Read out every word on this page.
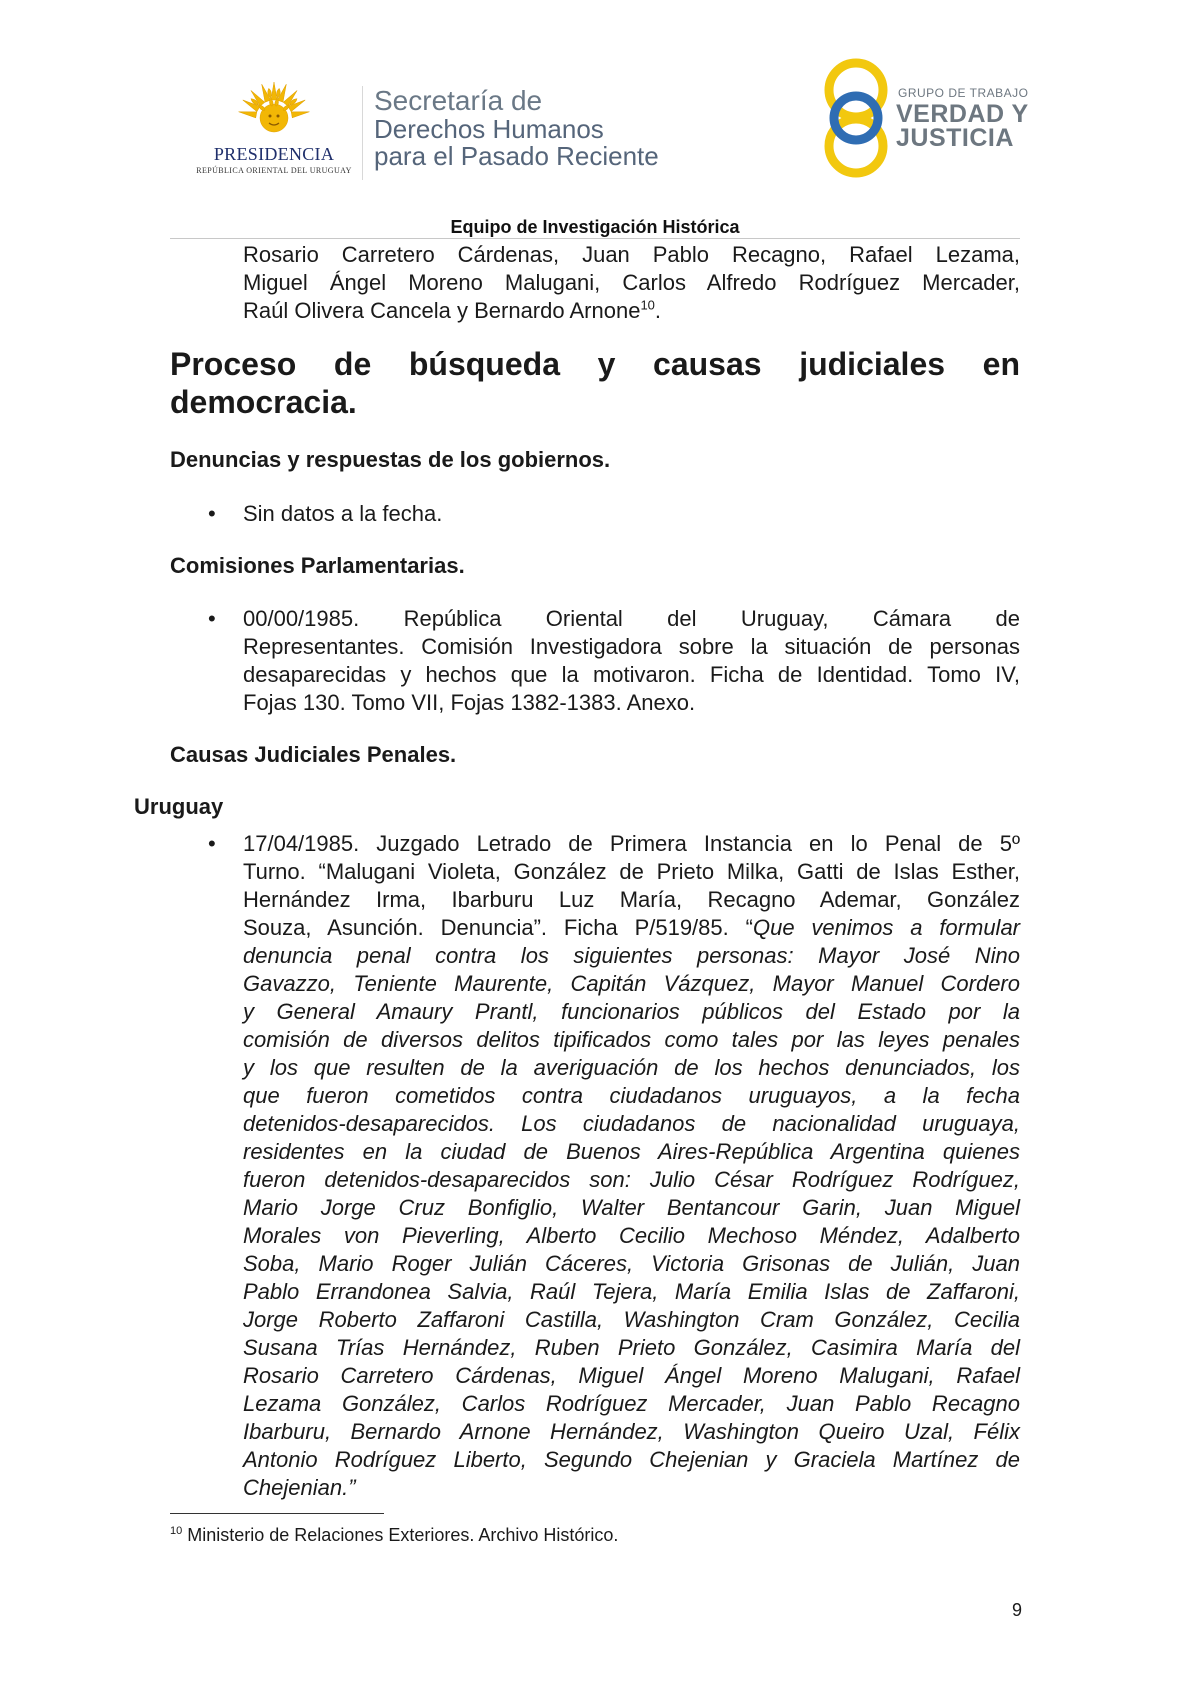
PRESIDENCIA
REPÚBLICA ORIENTAL DEL URUGUAY
Secretaría de
Derechos Humanos
para el Pasado Reciente
GRUPO DE TRABAJO
VERDAD Y
JUSTICIA
Equipo de Investigación Histórica
Rosario Carretero Cárdenas, Juan Pablo Recagno, Rafael Lezama,
Miguel Ángel Moreno Malugani, Carlos Alfredo Rodríguez Mercader,
Raúl Olivera Cancela y Bernardo Arnone$^{10}$.
Proceso de búsqueda y causas judiciales en
democracia.
Denuncias y respuestas de los gobiernos.
• Sin datos a la fecha.
Comisiones Parlamentarias.
• 00/00/1985. República Oriental del Uruguay, Cámara de
Representantes. Comisión Investigadora sobre la situación de personas
desaparecidas y hechos que la motivaron. Ficha de Identidad. Tomo IV,
Fojas 130. Tomo VII, Fojas 1382-1383. Anexo.
Causas Judiciales Penales.
Uruguay
• 17/04/1985. Juzgado Letrado de Primera Instancia en lo Penal de 5º
Turno. “Malugani Violeta, González de Prieto Milka, Gatti de Islas Esther,
Hernández Irma, Ibarburu Luz María, Recagno Ademar, González
Souza, Asunción. Denuncia”. Ficha P/519/85. “Que venimos a formular
denuncia penal contra los siguientes personas: Mayor José Nino
Gavazzo, Teniente Maurente, Capitán Vázquez, Mayor Manuel Cordero
y General Amaury Prantl, funcionarios públicos del Estado por la
comisión de diversos delitos tipificados como tales por las leyes penales
y los que resulten de la averiguación de los hechos denunciados, los
que fueron cometidos contra ciudadanos uruguayos, a la fecha
detenidos-desaparecidos. Los ciudadanos de nacionalidad uruguaya,
residentes en la ciudad de Buenos Aires-República Argentina quienes
fueron detenidos-desaparecidos son: Julio César Rodríguez Rodríguez,
Mario Jorge Cruz Bonfiglio, Walter Bentancour Garin, Juan Miguel
Morales von Pieverling, Alberto Cecilio Mechoso Méndez, Adalberto
Soba, Mario Roger Julián Cáceres, Victoria Grisonas de Julián, Juan
Pablo Errandonea Salvia, Raúl Tejera, María Emilia Islas de Zaffaroni,
Jorge Roberto Zaffaroni Castilla, Washington Cram González, Cecilia
Susana Trías Hernández, Ruben Prieto González, Casimira María del
Rosario Carretero Cárdenas, Miguel Ángel Moreno Malugani, Rafael
Lezama González, Carlos Rodríguez Mercader, Juan Pablo Recagno
Ibarburu, Bernardo Arnone Hernández, Washington Queiro Uzal, Félix
Antonio Rodríguez Liberto, Segundo Chejenian y Graciela Martínez de
Chejenian.”
$^{10}$ Ministerio de Relaciones Exteriores. Archivo Histórico.
9
